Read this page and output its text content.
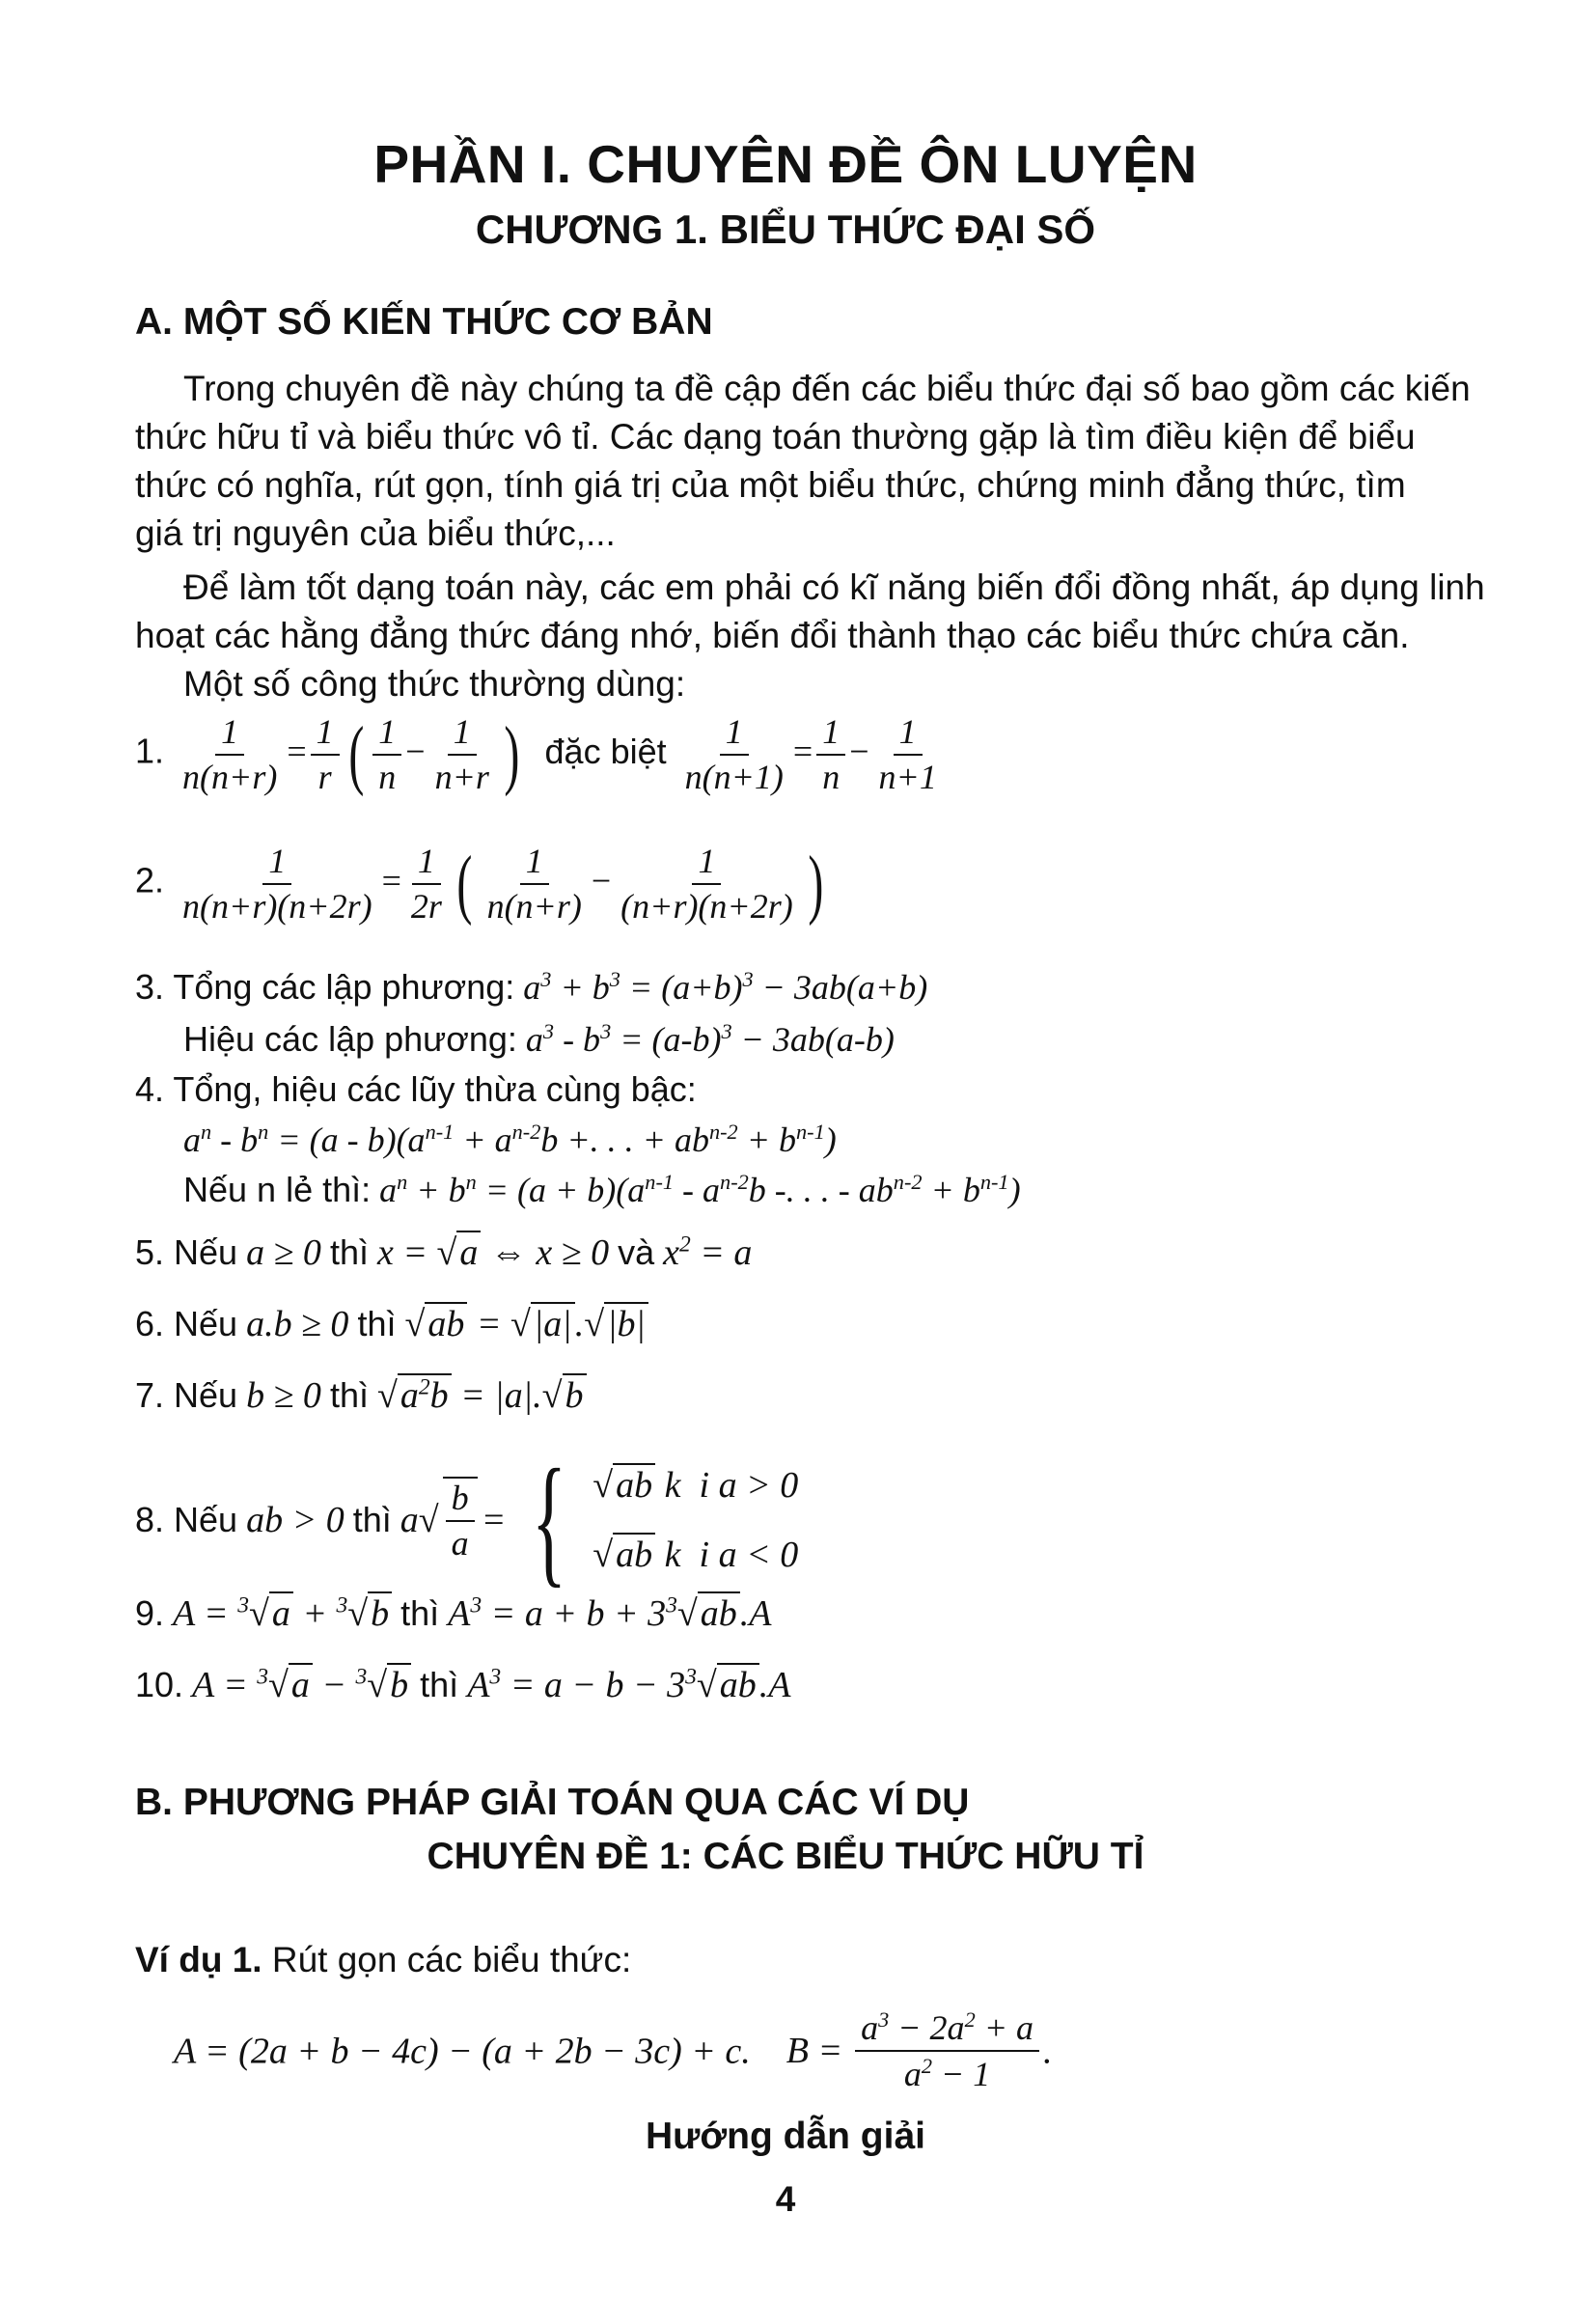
PHẦN I. CHUYÊN ĐỀ ÔN LUYỆN
CHƯƠNG 1. BIỂU THỨC ĐẠI SỐ
A. MỘT SỐ KIẾN THỨC CƠ BẢN
Trong chuyên đề này chúng ta đề cập đến các biểu thức đại số bao gồm các kiến
thức hữu tỉ và biểu thức vô tỉ. Các dạng toán thường gặp là tìm điều kiện để biểu
thức có nghĩa, rút gọn, tính giá trị của một biểu thức, chứng minh đẳng thức, tìm
giá trị nguyên của biểu thức,...
Để làm tốt dạng toán này, các em phải có kĩ năng biến đổi đồng nhất, áp dụng linh
hoạt các hằng đẳng thức đáng nhớ, biến đổi thành thạo các biểu thức chứa căn.
Một số công thức thường dùng:
1. $\frac{1}{n(n+r)} = \frac{1}{r}$ ( $\frac{1}{n} - \frac{1}{n+r}$ ) đặc biệt $\frac{1}{n(n+1)} = \frac{1}{n} - \frac{1}{n+1}$
2. $\frac{1}{n(n+r)(n+2r)} = \frac{1}{2r}$ ( $\frac{1}{n(n+r)} - \frac{1}{(n+r)(n+2r)}$ )
3. Tổng các lập phương: $a^3 + b^3 = (a+b)^3 - 3ab(a+b)$
Hiệu các lập phương: $a^3 - b^3 = (a-b)^3 - 3ab(a-b)$
4. Tổng, hiệu các lũy thừa cùng bậc:
$a^n - b^n = (a - b)(a^{n-1} + a^{n-2}b$ +. . . + $ab^{n-2} + b^{n-1}$)
Nếu n lẻ thì: $a^n + b^n = (a + b)(a^{n-1} - a^{n-2}b$ -. . . - $ab^{n-2} + b^{n-1}$)
5. Nếu a ≥ 0 thì x = √a ⇔ x ≥ 0 và $x^2 = a$
6. Nếu a.b ≥ 0 thì √ab = √|a|.√|b|
7. Nếu b ≥ 0 thì $√a^2b = |a|.√b$
8. Nếu ab > 0 thì $a√ \frac{b}{a}$ = { √ab k  i a > 0
√ab k  i a < 0
9. A = $^3$√a + $^3$√b thì $A^3 = a + b + 3^3√ab.A$
10. A = $^3$√a − $^3$√b thì $A^3 = a - b - 3^3√ab.A$
B. PHƯƠNG PHÁP GIẢI TOÁN QUA CÁC VÍ DỤ
CHUYÊN ĐỀ 1: CÁC BIỂU THỨC HỮU TỈ
Ví dụ 1. Rút gọn các biểu thức:
A = (2a + b − 4c) − (a + 2b − 3c) + c. $B = \frac{a^3 - 2a^2 + a}{a^2 - 1}$ .
Hướng dẫn giải
4
